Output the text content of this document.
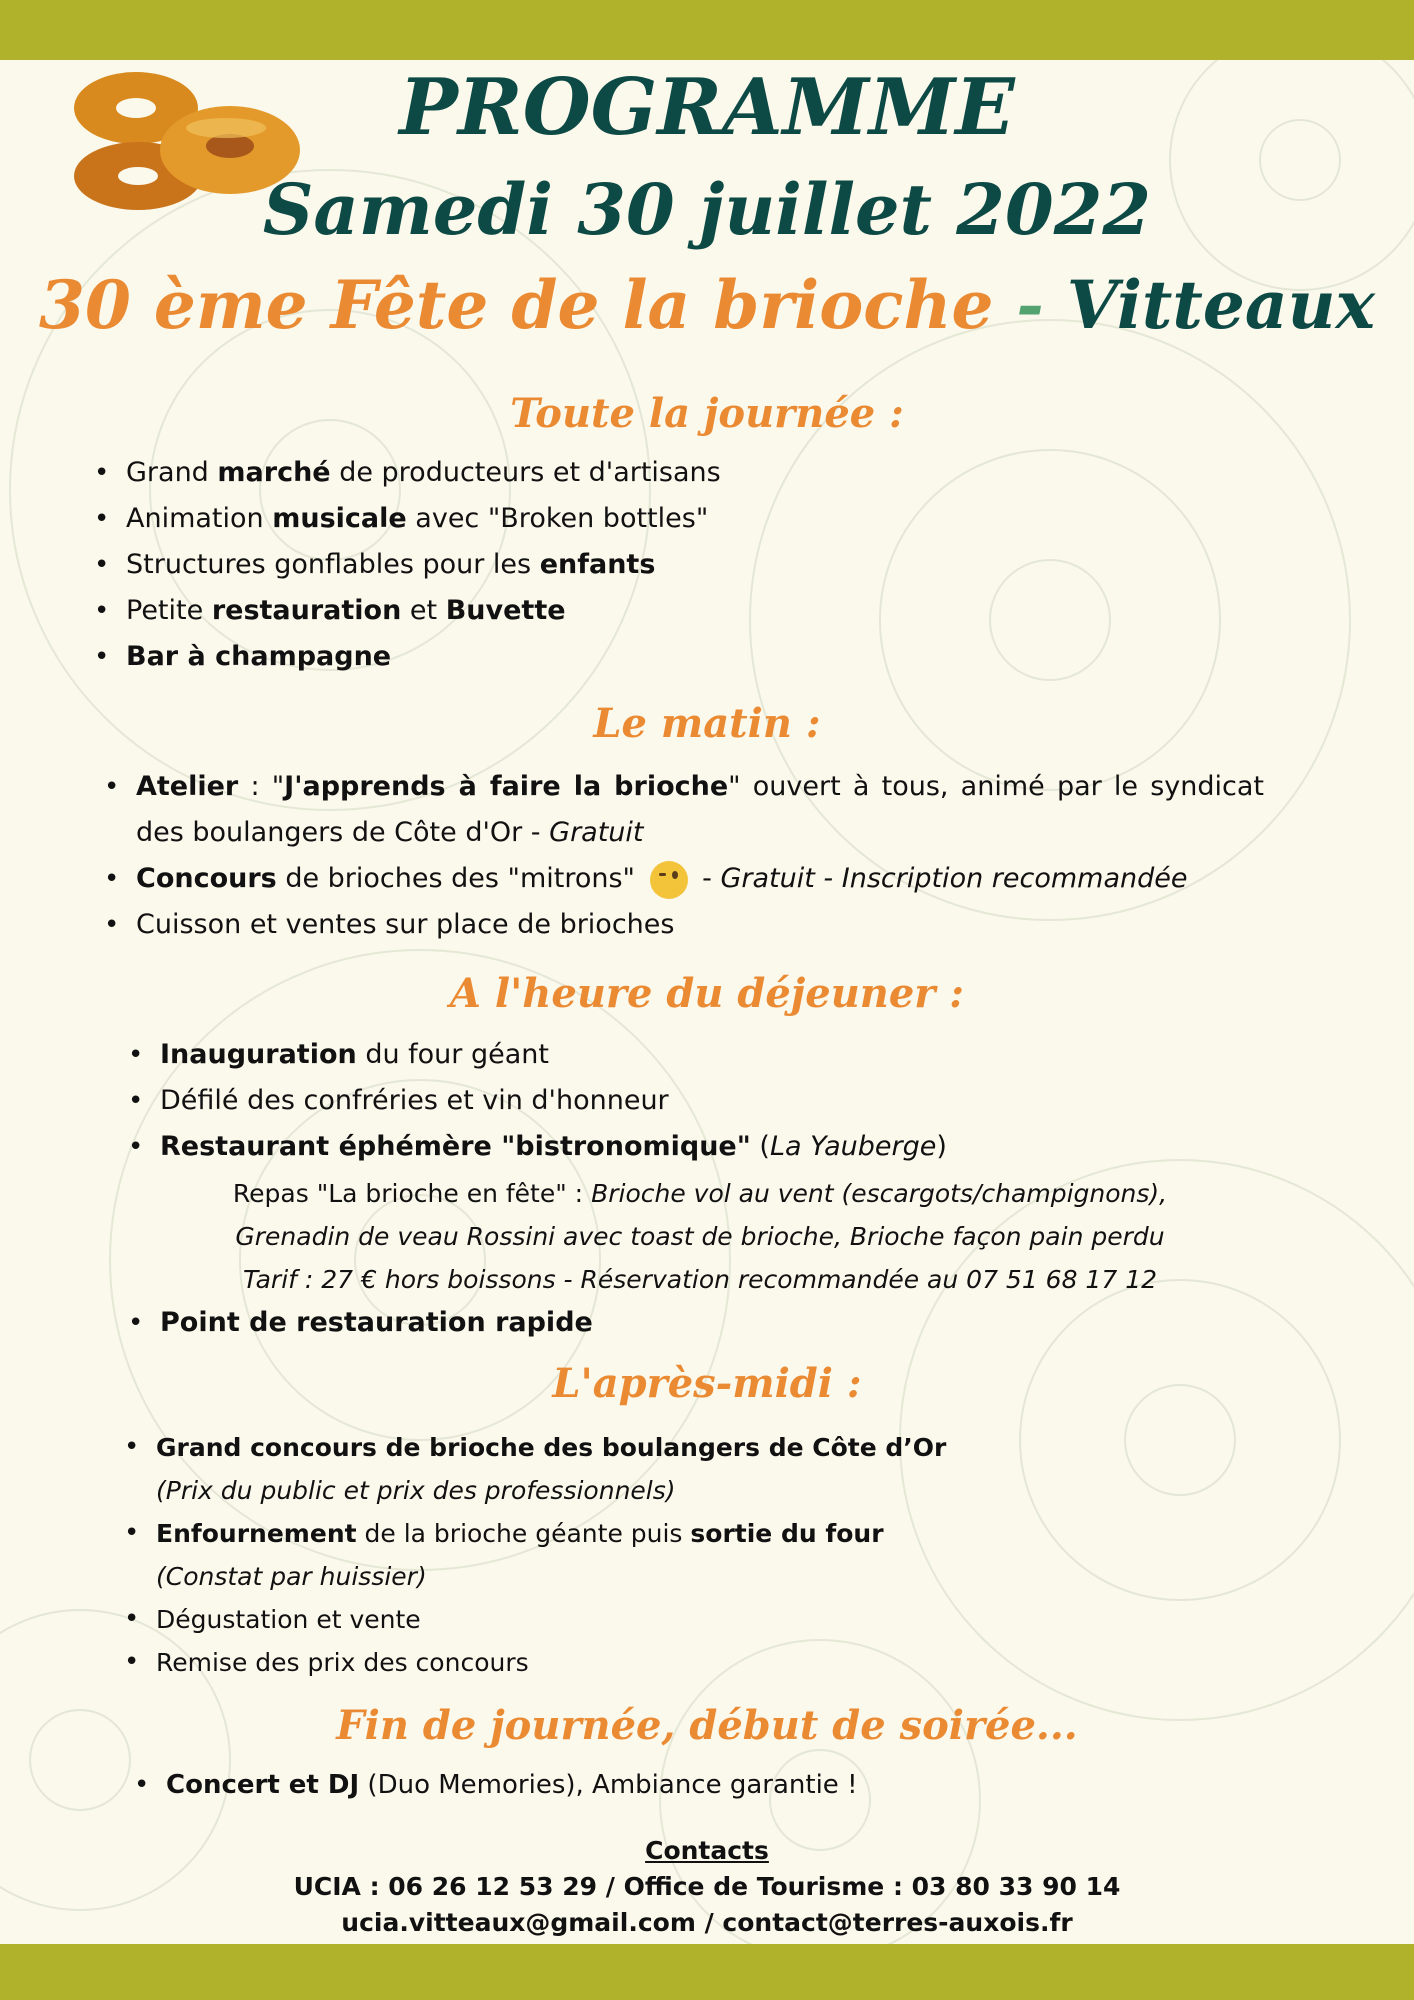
PROGRAMME

Samedi 30 juillet 2022

30 ème Fête de la brioche - Vitteaux

Toute la journée :

• Grand marché de producteurs et d'artisans
• Animation musicale avec "Broken bottles"
• Structures gonflables pour les enfants
• Petite restauration et Buvette
• Bar à champagne

Le matin :

• Atelier : "J'apprends à faire la brioche" ouvert à tous, animé par le syndicat des boulangers de Côte d'Or - Gratuit
• Concours de brioches des "mitrons"  - Gratuit - Inscription recommandée
• Cuisson et ventes sur place de brioches

A l'heure du déjeuner :

• Inauguration du four géant
• Défilé des confréries et vin d'honneur
• Restaurant éphémère "bistronomique" (La Yauberge)

Repas "La brioche en fête" : Brioche vol au vent (escargots/champignons),
Grenadin de veau Rossini avec toast de brioche, Brioche façon pain perdu
Tarif : 27 € hors boissons - Réservation recommandée au 07 51 68 17 12

• Point de restauration rapide

L'après-midi :

• Grand concours de brioche des boulangers de Côte d’Or
(Prix du public et prix des professionnels)
• Enfournement de la brioche géante puis sortie du four
(Constat par huissier)
• Dégustation et vente
• Remise des prix des concours

Fin de journée, début de soirée...

• Concert et DJ (Duo Memories), Ambiance garantie !

Contacts

UCIA : 06 26 12 53 29 / Office de Tourisme : 03 80 33 90 14

ucia.vitteaux@gmail.com / contact@terres-auxois.fr
